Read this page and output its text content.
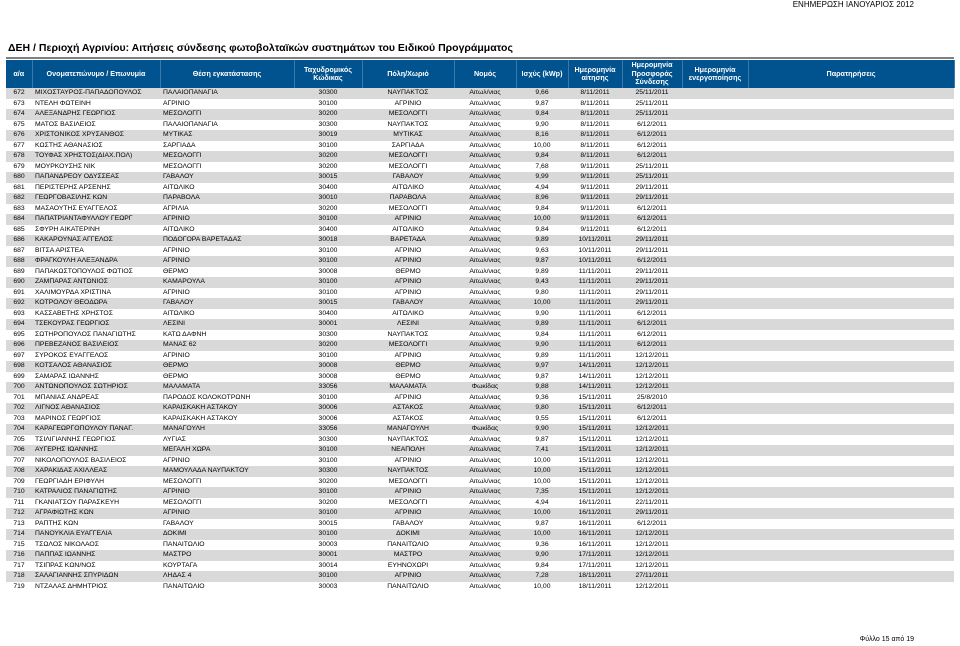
ΕΝΗΜΕΡΩΣΗ ΙΑΝΟΥΑΡΙΟΣ 2012
ΔΕΗ / Περιοχή Αγρινίου: Αιτήσεις σύνδεσης φωτοβολταϊκών συστημάτων του Ειδικού Προγράμματος
α/α	Ονοματεπώνυμο / Επωνυμία	Θέση εγκατάστασης	Ταχυδρομικός Κώδικας	Πόλη/Χωριό	Νομός	Ισχύς (kWp)	Ημερομηνία αίτησης	Ημερομηνία Προσφοράς Σύνδεσης	Ημερομηνία ενεργοποίησης	Παρατηρήσεις
672	ΜΙΧΟΣΤΑΥΡΟΣ-ΠΑΠΑΔΟΠΟΥΛΟΣ	ΠΑΛΑΙΟΠΑΝΑΓΙΑ	30300	ΝΑΥΠΑΚΤΟΣ	Αιτωλ/νιας	9,66	8/11/2011	25/11/2011		
673	ΝΤΕΛΗ ΦΩΤΕΙΝΗ	ΑΓΡΙΝΙΟ	30100	ΑΓΡΙΝΙΟ	Αιτωλ/νιας	9,87	8/11/2011	25/11/2011		
674	ΑΛΕΞΑΝΔΡΗΣ ΓΕΩΡΓΙΟΣ	ΜΕΣΟΛΟΓΓΙ	30200	ΜΕΣΟΛΟΓΓΙ	Αιτωλ/νιας	9,84	8/11/2011	25/11/2011		
675	ΜΑΤΟΣ ΒΑΣΙΛΕΙΟΣ	ΠΑΛΑΙΟΠΑΝΑΓΙΑ	30300	ΝΑΥΠΑΚΤΟΣ	Αιτωλ/νιας	9,90	8/11/2011	6/12/2011		
676	ΧΡΙΣΤΟΝΙΚΟΣ ΧΡΥΣΑΝΘΟΣ	ΜΥΤΙΚΑΣ	30019	ΜΥΤΙΚΑΣ	Αιτωλ/νιας	8,16	8/11/2011	6/12/2011		
677	ΚΩΣΤΗΣ ΑΘΑΝΑΣΙΟΣ	ΣΑΡΓΙΑΔΑ	30100	ΣΑΡΓΙΑΔΑ	Αιτωλ/νιας	10,00	8/11/2011	6/12/2011		
678	ΤΟΥΦΑΣ ΧΡΗΣΤΟΣ(ΔΙΑΧ.ΠΟΛ)	ΜΕΣΟΛΟΓΓΙ	30200	ΜΕΣΟΛΟΓΓΙ	Αιτωλ/νιας	9,84	8/11/2011	6/12/2011		
679	ΜΟΥΡΚΟΥΣΗΣ ΝΙΚ	ΜΕΣΟΛΟΓΓΙ	30200	ΜΕΣΟΛΟΓΓΙ	Αιτωλ/νιας	7,68	9/11/2011	25/11/2011		
680	ΠΑΠΑΝΔΡΕΟΥ ΟΔΥΣΣΕΑΣ	ΓΑΒΑΛΟΥ	30015	ΓΑΒΑΛΟΥ	Αιτωλ/νιας	9,99	9/11/2011	25/11/2011		
681	ΠΕΡΙΣΤΕΡΗΣ ΑΡΣΕΝΗΣ	ΑΙΤΩΛΙΚΟ	30400	ΑΙΤΩΛΙΚΟ	Αιτωλ/νιας	4,94	9/11/2011	29/11/2011		
682	ΓΕΩΡΓΟΒΑΣΙΛΗΣ ΚΩΝ	ΠΑΡΑΒΟΛΑ	30010	ΠΑΡΑΒΟΛΑ	Αιτωλ/νιας	8,96	9/11/2011	29/11/2011		
683	ΜΑΣΑΟΥΤΗΣ ΕΥΑΓΓΕΛΟΣ	ΑΓΡΙΛΙΑ	30200	ΜΕΣΟΛΟΓΓΙ	Αιτωλ/νιας	9,84	9/11/2011	6/12/2011		
684	ΠΑΠΑΤΡΙΑΝΤΑΦΥΛΛΟΥ ΓΕΩΡΓ	ΑΓΡΙΝΙΟ	30100	ΑΓΡΙΝΙΟ	Αιτωλ/νιας	10,00	9/11/2011	6/12/2011		
685	ΣΦΥΡΗ ΑΙΚΑΤΕΡΙΝΗ	ΑΙΤΩΛΙΚΟ	30400	ΑΙΤΩΛΙΚΟ	Αιτωλ/νιας	9,84	9/11/2011	6/12/2011		
686	ΚΑΚΑΡΟΥΝΑΣ ΑΓΓΕΛΟΣ	ΠΟΔΟΓΟΡΑ ΒΑΡΕΤΑΔΑΣ	30018	ΒΑΡΕΤΑΔΑ	Αιτωλ/νιας	9,89	10/11/2011	29/11/2011		
687	ΒΙΤΣΑ ΑΡΙΣΤΕΑ	ΑΓΡΙΝΙΟ	30100	ΑΓΡΙΝΙΟ	Αιτωλ/νιας	9,63	10/11/2011	29/11/2011		
688	ΦΡΑΓΚΟΥΛΗ ΑΛΕΞΑΝΔΡΑ	ΑΓΡΙΝΙΟ	30100	ΑΓΡΙΝΙΟ	Αιτωλ/νιας	9,87	10/11/2011	6/12/2011		
689	ΠΑΠΑΚΩΣΤΟΠΟΥΛΟΣ ΦΩΤΙΟΣ	ΘΕΡΜΟ	30008	ΘΕΡΜΟ	Αιτωλ/νιας	9,89	11/11/2011	29/11/2011		
690	ΖΑΜΠΑΡΑΣ ΑΝΤΩΝΙΟΣ	ΚΑΜΑΡΟΥΛΑ	30100	ΑΓΡΙΝΙΟ	Αιτωλ/νιας	9,43	11/11/2011	29/11/2011		
691	ΧΑΛΙΜΟΥΡΔΑ ΧΡΙΣΤΙΝΑ	ΑΓΡΙΝΙΟ	30100	ΑΓΡΙΝΙΟ	Αιτωλ/νιας	9,80	11/11/2011	29/11/2011		
692	ΚΟΤΡΟΛΟΥ ΘΕΟΔΩΡΑ	ΓΑΒΑΛΟΥ	30015	ΓΑΒΑΛΟΥ	Αιτωλ/νιας	10,00	11/11/2011	29/11/2011		
693	ΚΑΣΣΑΒΕΤΗΣ ΧΡΗΣΤΟΣ	ΑΙΤΩΛΙΚΟ	30400	ΑΙΤΩΛΙΚΟ	Αιτωλ/νιας	9,90	11/11/2011	6/12/2011		
694	ΤΣΕΚΟΥΡΑΣ ΓΕΩΡΓΙΟΣ	ΛΕΣΙΝΙ	30001	ΛΕΣΙΝΙ	Αιτωλ/νιας	9,89	11/11/2011	6/12/2011		
695	ΣΩΤΗΡΟΠΟΥΛΟΣ ΠΑΝΑΓΙΩΤΗΣ	ΚΑΤΩ ΔΑΦΝΗ	30300	ΝΑΥΠΑΚΤΟΣ	Αιτωλ/νιας	9,84	11/11/2011	6/12/2011		
696	ΠΡΕΒΕΖΑΝΟΣ ΒΑΣΙΛΕΙΟΣ	ΜΑΝΑΣ 62	30200	ΜΕΣΟΛΟΓΓΙ	Αιτωλ/νιας	9,90	11/11/2011	6/12/2011		
697	ΣΥΡΟΚΟΣ ΕΥΑΓΓΕΛΟΣ	ΑΓΡΙΝΙΟ	30100	ΑΓΡΙΝΙΟ	Αιτωλ/νιας	9,89	11/11/2011	12/12/2011		
698	ΚΟΤΣΑΛΟΣ ΑΘΑΝΑΣΙΟΣ	ΘΕΡΜΟ	30008	ΘΕΡΜΟ	Αιτωλ/νιας	9,97	14/11/2011	12/12/2011		
699	ΣΑΜΑΡΑΣ ΙΩΑΝΝΗΣ	ΘΕΡΜΟ	30008	ΘΕΡΜΟ	Αιτωλ/νιας	9,87	14/11/2011	12/12/2011		
700	ΑΝΤΩΝΟΠΟΥΛΟΣ ΣΩΤΗΡΙΟΣ	ΜΑΛΑΜΑΤΑ	33056	ΜΑΛΑΜΑΤΑ	Φωκίδας	9,88	14/11/2011	12/12/2011		
701	ΜΠΑΝΙΑΣ ΑΝΔΡΕΑΣ	ΠΑΡΟΔΟΣ ΚΟΛΟΚΟΤΡΩΝΗ	30100	ΑΓΡΙΝΙΟ	Αιτωλ/νιας	9,36	15/11/2011	25/8/2010		
702	ΛΙΓΝΟΣ ΑΘΑΝΑΣΙΟΣ	ΚΑΡΑΙΣΚΑΚΗ ΑΣΤΑΚΟΥ	30006	ΑΣΤΑΚΟΣ	Αιτωλ/νιας	9,80	15/11/2011	6/12/2011		
703	ΜΑΡΙΝΟΣ ΓΕΩΡΓΙΟΣ	ΚΑΡΑΙΣΚΑΚΗ ΑΣΤΑΚΟΥ	30006	ΑΣΤΑΚΟΣ	Αιτωλ/νιας	9,55	15/11/2011	6/12/2011		
704	ΚΑΡΑΓΕΩΡΓΟΠΟΥΛΟΥ ΠΑΝΑΓ.	ΜΑΝΑΓΟΥΛΗ	33056	ΜΑΝΑΓΟΥΛΗ	Φωκίδας	9,90	15/11/2011	12/12/2011		
705	ΤΣΙΛΙΓΙΑΝΝΗΣ ΓΕΩΡΓΙΟΣ	ΛΥΓΙΑΣ	30300	ΝΑΥΠΑΚΤΟΣ	Αιτωλ/νιας	9,87	15/11/2011	12/12/2011		
706	ΑΥΓΕΡΗΣ ΙΩΑΝΝΗΣ	ΜΕΓΑΛΗ ΧΩΡΑ	30100	ΝΕΑΠΟΛΗ	Αιτωλ/νιας	7,41	15/11/2011	12/12/2011		
707	ΝΙΚΟΛΟΠΟΥΛΟΣ ΒΑΣΙΛΕΙΟΣ	ΑΓΡΙΝΙΟ	30100	ΑΓΡΙΝΙΟ	Αιτωλ/νιας	10,00	15/11/2011	12/12/2011		
708	ΧΑΡΑΚΙΔΑΣ ΑΧΙΛΛΕΑΣ	ΜΑΜΟΥΛΑΔΑ ΝΑΥΠΑΚΤΟΥ	30300	ΝΑΥΠΑΚΤΟΣ	Αιτωλ/νιας	10,00	15/11/2011	12/12/2011		
709	ΓΕΩΡΓΙΑΔΗ ΕΡΙΦΥΛΗ	ΜΕΣΟΛΟΓΓΙ	30200	ΜΕΣΟΛΟΓΓΙ	Αιτωλ/νιας	10,00	15/11/2011	12/12/2011		
710	ΚΑΤΡΑΛΙΟΣ ΠΑΝΑΓΙΩΤΗΣ	ΑΓΡΙΝΙΟ	30100	ΑΓΡΙΝΙΟ	Αιτωλ/νιας	7,35	15/11/2011	12/12/2011		
711	ΓΚΑΝΙΑΤΣΟΥ ΠΑΡΑΣΚΕΥΗ	ΜΕΣΟΛΟΓΓΙ	30200	ΜΕΣΟΛΟΓΓΙ	Αιτωλ/νιας	4,94	16/11/2011	22/11/2011		
712	ΑΓΡΑΦΙΩΤΗΣ ΚΩΝ	ΑΓΡΙΝΙΟ	30100	ΑΓΡΙΝΙΟ	Αιτωλ/νιας	10,00	16/11/2011	29/11/2011		
713	ΡΑΠΤΗΣ ΚΩΝ	ΓΑΒΑΛΟΥ	30015	ΓΑΒΑΛΟΥ	Αιτωλ/νιας	9,87	16/11/2011	6/12/2011		
714	ΠΑΝΟΥΚΛΙΑ ΕΥΑΓΓΕΛΙΑ	ΔΟΚΙΜΙ	30100	ΔΟΚΙΜΙ	Αιτωλ/νιας	10,00	16/11/2011	12/12/2011		
715	ΤΣΩΛΟΣ ΝΙΚΟΛΑΟΣ	ΠΑΝΑΙΤΩΛΙΟ	30003	ΠΑΝΑΙΤΩΛΙΟ	Αιτωλ/νιας	9,36	16/11/2011	12/12/2011		
716	ΠΑΠΠΑΣ ΙΩΑΝΝΗΣ	ΜΑΣΤΡΟ	30001	ΜΑΣΤΡΟ	Αιτωλ/νιας	9,90	17/11/2011	12/12/2011		
717	ΤΣΙΠΡΑΣ ΚΩΝ/ΝΟΣ	ΚΟΥΡΤΑΓΑ	30014	ΕΥΗΝΟΧΩΡΙ	Αιτωλ/νιας	9,84	17/11/2011	12/12/2011		
718	ΣΑΛΑΓΙΑΝΝΗΣ ΣΠΥΡΙΔΩΝ	ΛΗΔΑΣ 4	30100	ΑΓΡΙΝΙΟ	Αιτωλ/νιας	7,28	18/11/2011	27/11/2011		
719	ΝΤΖΑΛΑΣ ΔΗΜΗΤΡΙΟΣ	ΠΑΝΑΙΤΩΛΙΟ	30003	ΠΑΝΑΙΤΩΛΙΟ	Αιτωλ/νιας	10,00	18/11/2011	12/12/2011		
Φύλλο 15 από 19
